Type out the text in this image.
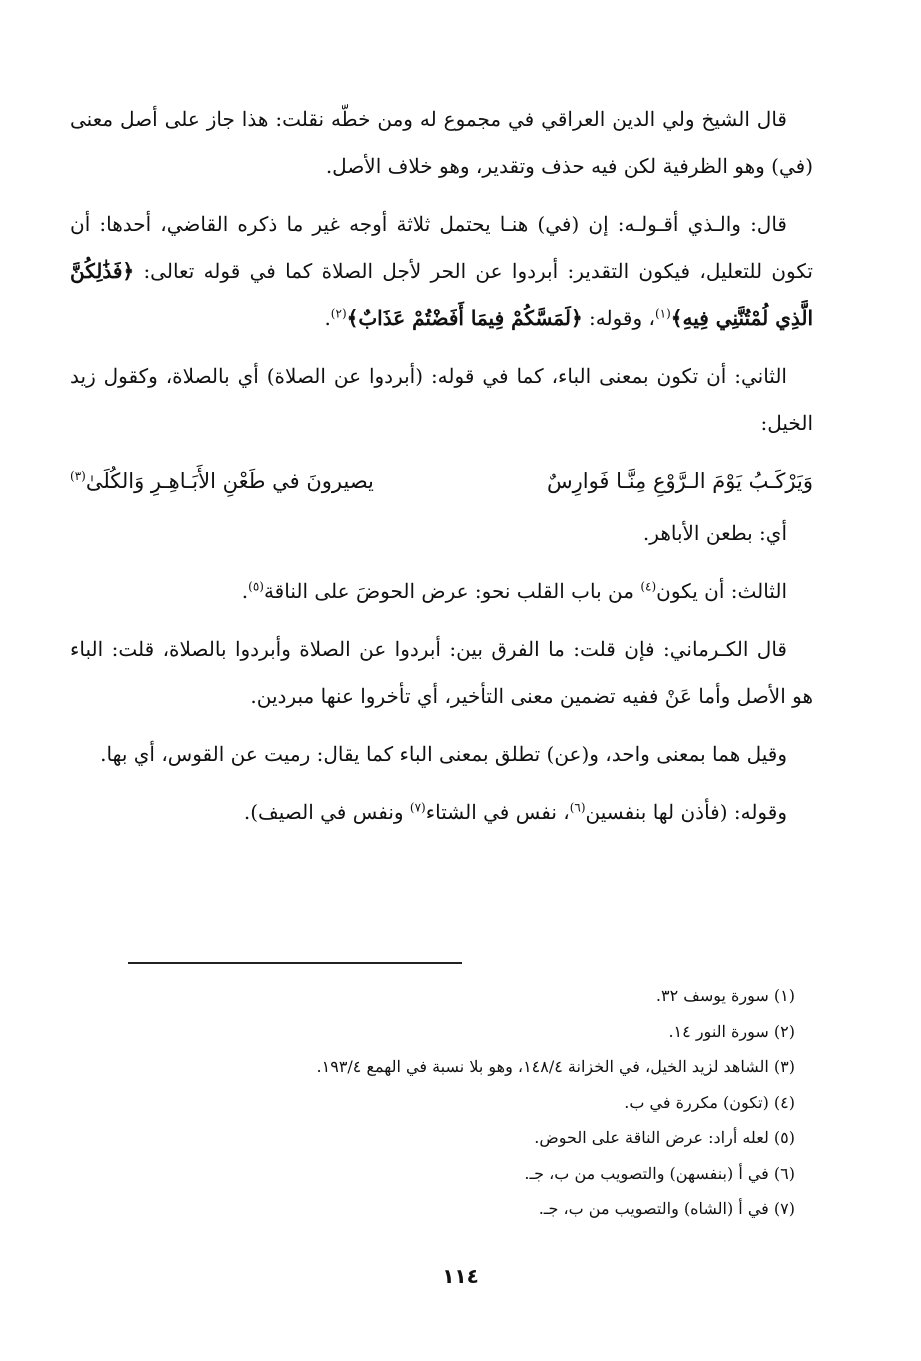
قال الشيخ ولي الدين العراقي في مجموع له ومن خطّه نقلت: هذا جاز على أصل معنى (في) وهو الظرفية لكن فيه حذف وتقدير، وهو خلاف الأصل.

قال: والـذي أقـولـه: إن (في) هنـا يحتمل ثلاثة أوجه غير ما ذكره القاضي، أحدها: أن تكون للتعليل، فيكون التقدير: أبردوا عن الحر لأجل الصلاة كما في قوله تعالى: ﴿فَذَٰلِكُنَّ الَّذِي لُمْتُنَّنِي فِيهِ﴾$^{(١)}$، وقوله: ﴿لَمَسَّكُمْ فِيمَا أَفَضْتُمْ عَذَابٌ﴾$^{(٢)}$.

الثاني: أن تكون بمعنى الباء، كما في قوله: (أبردوا عن الصلاة) أي بالصلاة، وكقول زيد الخيل:

وَيَرْكَـبُ يَوْمَ الـرَّوْعِ مِنَّـا فَوارِسٌ
يصيرونَ في طَعْنِ الأَبَـاهِـرِ وَالكُلَىٰ$^{(٣)}$

أي: بطعن الأباهر.

الثالث: أن يكون$^{(٤)}$ من باب القلب نحو: عرض الحوضَ على الناقة$^{(٥)}$.

قال الكـرماني: فإن قلت: ما الفرق بين: أبردوا عن الصلاة وأبردوا بالصلاة، قلت: الباء هو الأصل وأما عَنْ ففيه تضمين معنى التأخير، أي تأخروا عنها مبردين.

وقيل هما بمعنى واحد، و(عن) تطلق بمعنى الباء كما يقال: رميت عن القوس، أي بها.

وقوله: (فأذن لها بنفسين$^{(٦)}$، نفس في الشتاء$^{(٧)}$ ونفس في الصيف).

(١) سورة يوسف ٣٢.

(٢) سورة النور ١٤.

(٣) الشاهد لزيد الخيل، في الخزانة ١٤٨/٤، وهو بلا نسبة في الهمع ١٩٣/٤.

(٤) (تكون) مكررة في ب.

(٥) لعله أراد: عرض الناقة على الحوض.

(٦) في أ (بنفسهن) والتصويب من ب، جـ.

(٧) في أ (الشاه) والتصويب من ب، جـ.

١١٤
